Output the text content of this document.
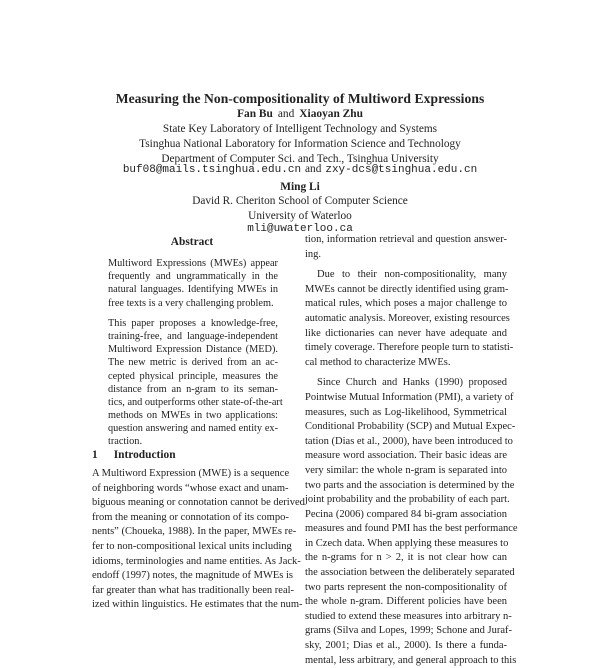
Measuring the Non-compositionality of Multiword Expressions
Fan Bu and Xiaoyan Zhu
State Key Laboratory of Intelligent Technology and Systems
Tsinghua National Laboratory for Information Science and Technology
Department of Computer Sci. and Tech., Tsinghua University
buf08@mails.tsinghua.edu.cn and zxy-dcs@tsinghua.edu.cn
Ming Li
David R. Cheriton School of Computer Science
University of Waterloo
mli@uwaterloo.ca
Abstract
Multiword Expressions (MWEs) appear
frequently and ungrammatically in the
natural languages. Identifying MWEs in
free texts is a very challenging problem.
This paper proposes a knowledge-free,
training-free, and language-independent
Multiword Expression Distance (MED).
The new metric is derived from an ac-
cepted physical principle, measures the
distance from an n-gram to its seman-
tics, and outperforms other state-of-the-art
methods on MWEs in two applications:
question answering and named entity ex-
traction.
1 Introduction
A Multiword Expression (MWE) is a sequence
of neighboring words “whose exact and unam-
biguous meaning or connotation cannot be derived
from the meaning or connotation of its compo-
nents” (Choueka, 1988). In the paper, MWEs re-
fer to non-compositional lexical units including
idioms, terminologies and name entities. As Jack-
endoff (1997) notes, the magnitude of MWEs is
far greater than what has traditionally been real-
ized within linguistics. He estimates that the num-
tion, information retrieval and question answer-
ing.
Due to their non-compositionality, many
MWEs cannot be directly identified using gram-
matical rules, which poses a major challenge to
automatic analysis. Moreover, existing resources
like dictionaries can never have adequate and
timely coverage. Therefore people turn to statisti-
cal method to characterize MWEs.
Since Church and Hanks (1990) proposed
Pointwise Mutual Information (PMI), a variety of
measures, such as Log-likelihood, Symmetrical
Conditional Probability (SCP) and Mutual Expec-
tation (Dias et al., 2000), have been introduced to
measure word association. Their basic ideas are
very similar: the whole n-gram is separated into
two parts and the association is determined by the
joint probability and the probability of each part.
Pecina (2006) compared 84 bi-gram association
measures and found PMI has the best performance
in Czech data. When applying these measures to
the n-grams for n > 2, it is not clear how can
the association between the deliberately separated
two parts represent the non-compositionality of
the whole n-gram. Different policies have been
studied to extend these measures into arbitrary n-
grams (Silva and Lopes, 1999; Schone and Juraf-
sky, 2001; Dias et al., 2000). Is there a funda-
mental, less arbitrary, and general approach to this
